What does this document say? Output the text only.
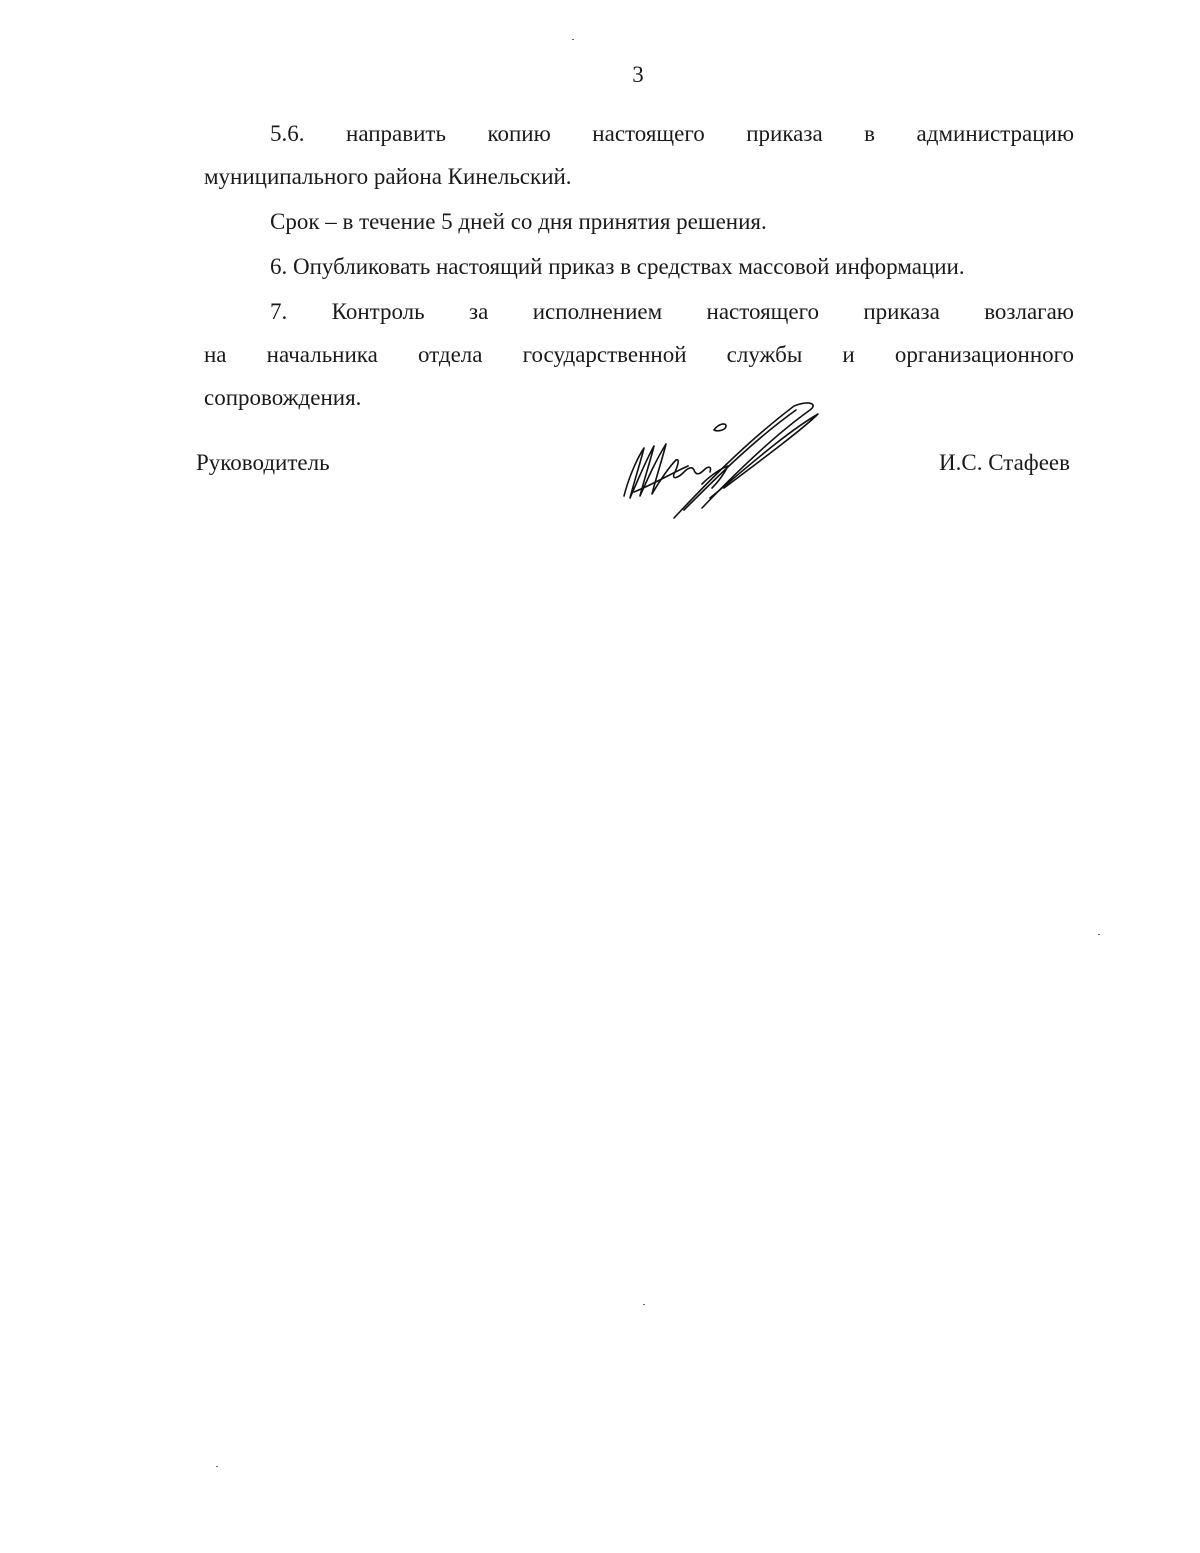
3
5.6. направить копию настоящего приказа в администрацию
муниципального района Кинельский.
Срок – в течение 5 дней со дня принятия решения.
6. Опубликовать настоящий приказ в средствах массовой информации.
7. Контроль за исполнением настоящего приказа возлагаю
на начальника отдела государственной службы и организационного
сопровождения.
Руководитель	И.С. Стафеев
